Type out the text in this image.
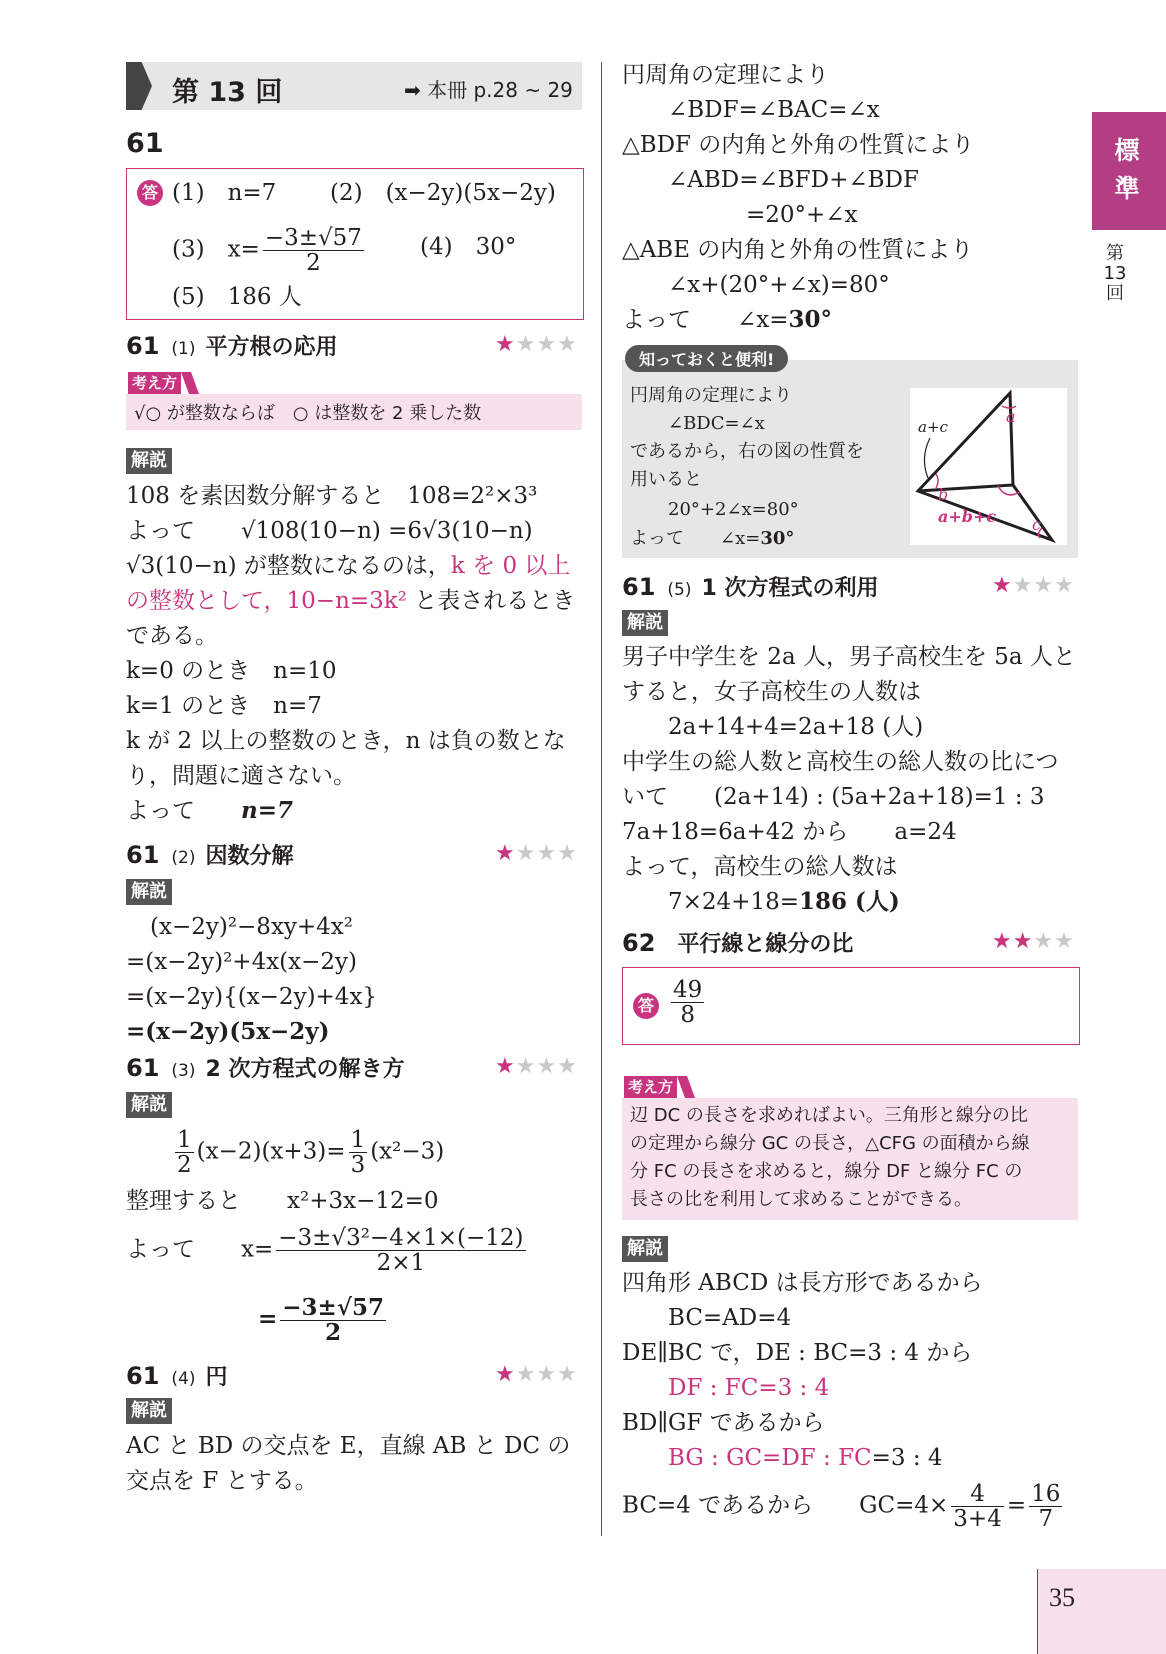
第 13 回	➡ 本冊 p.28 ~ 29
標準
第13回
61
答 (1)　n=7 (2)　(x−2y)(5x−2y)
(3)　$x= \frac{-3\pm√57}{2} (4)$　30°
(5)　186 人
61 (1) 平方根の応用	★★★★
考え方
√○ が整数ならば　○ は整数を 2 乗した数
解説
108 を素因数分解すると　108=2²×3³
よって　　√108(10−n) =6√3(10−n)
√3(10−n) が整数になるのは，k を 0 以上
の整数として，10−n=3k² と表されるとき
である。
k=0 のとき　n=10
k=1 のとき　n=7
k が 2 以上の整数のとき，n は負の数とな
り，問題に適さない。
よって　　n=7
61 (2) 因数分解	★★★★
解説
(x−2y)²−8xy+4x²
=(x−2y)²+4x(x−2y)
=(x−2y){(x−2y)+4x}
=(x−2y)(5x−2y)
61 (3) 2 次方程式の解き方	★★★★
解説
$\frac{1}{2} (x-2)(x+3)= \frac{1}{3} (x^2-3)$
整理すると　　x²+3x−12=0
よって　　$x= \frac{\text{−3±√3²−4×1×(−12)}}{2\times 1}$
= $\frac{-3\pm√57}{2}$
61 (4) 円	★★★★
解説
AC と BD の交点を E，直線 AB と DC の
交点を F とする。
円周角の定理により
∠BDF=∠BAC=∠x
△BDF の内角と外角の性質により
∠ABD=∠BFD+∠BDF
=20°+∠x
△ABE の内角と外角の性質により
∠x+(20°+∠x)=80°
よって　　∠x=30°
知っておくと便利!
円周角の定理により
∠BDC=∠x
であるから，右の図の性質を
用いると
20°+2∠x=80°
よって　　∠x=30°
a
b
c
a+c
a+b+c
61 (5) 1 次方程式の利用	★★★★
解説
男子中学生を 2a 人，男子高校生を 5a 人と
すると，女子高校生の人数は
2a+14+4=2a+18 (人)
中学生の総人数と高校生の総人数の比につ
いて　　(2a+14) : (5a+2a+18)=1 : 3
7a+18=6a+42 から　　a=24
よって，高校生の総人数は
7×24+18=186 (人)
62 平行線と線分の比	★★★★
答 $\frac{49}{8}$
考え方
辺 DC の長さを求めればよい。三角形と線分の比
の定理から線分 GC の長さ，△CFG の面積から線
分 FC の長さを求めると，線分 DF と線分 FC の
長さの比を利用して求めることができる。
解説
四角形 ABCD は長方形であるから
BC=AD=4
DE∥BC で，DE : BC=3 : 4 から
DF : FC=3 : 4
BD∥GF であるから
BG : GC=DF : FC=3 : 4
BC=4 であるから　　$GC=4\times \frac{4}{3+4} = \frac{16}{7}$
35
